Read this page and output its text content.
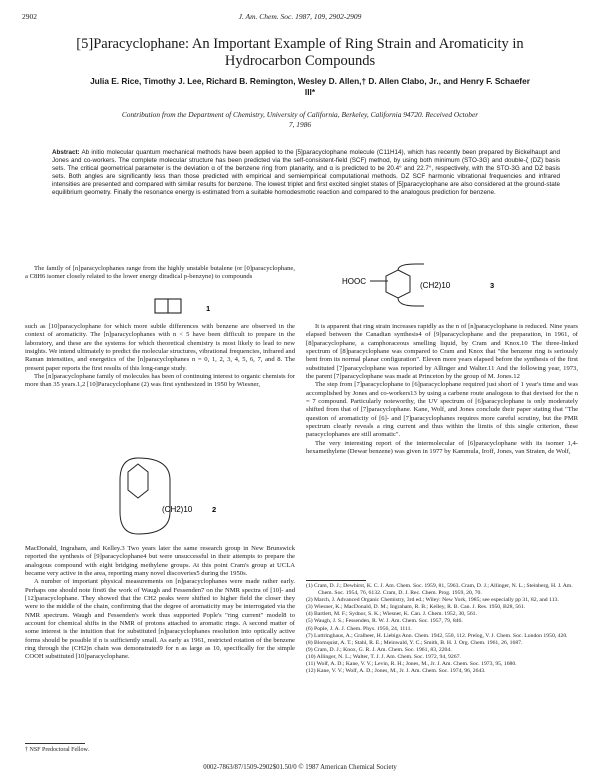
2902	J. Am. Chem. Soc. 1987, 109, 2902-2909
[5]Paracyclophane: An Important Example of Ring Strain and Aromaticity in Hydrocarbon Compounds
Julia E. Rice, Timothy J. Lee, Richard B. Remington, Wesley D. Allen,† D. Allen Clabo, Jr., and Henry F. Schaefer III*
Contribution from the Department of Chemistry, University of California, Berkeley, California 94720. Received October 7, 1986
Abstract: Ab initio molecular quantum mechanical methods have been applied to the [5]paracyclophane molecule (C11H14), which has recently been prepared by Bickelhaupt and Jones and co-workers. The complete molecular structure has been predicted via the self-consistent-field (SCF) method, by using both minimum (STO-3G) and double-ζ (DZ) basis sets. The critical geometrical parameter is the deviation α of the benzene ring from planarity, and α is predicted to be 20.4° and 22.7°, respectively, with the STO-3G and DZ basis sets. Both angles are significantly less than those predicted with empirical and semiempirical computational methods. DZ SCF harmonic vibrational frequencies and infrared intensities are presented and compared with similar results for benzene. The lowest triplet and first excited singlet states of [5]paracyclophane are also considered at the ground-state equilibrium geometry. Finally the resonance energy is estimated from a suitable homodesmotic reaction and compared to the analogous prediction for benzene.

The family of [n]paracyclophanes range from the highly unstable butalene (or [0]paracyclophane, a C8H6 isomer closely related to the lower energy diradical p-benzyne) to compounds

1

such as [10]paracyclophane for which more subtle differences with benzene are observed in the context of aromaticity. The [n]paracyclophanes with n < 5 have been difficult to prepare in the laboratory, and these are the systems for which theoretical chemistry is most likely to lead to new insights. We intend ultimately to predict the molecular structures, vibrational frequencies, infrared and Raman intensities, and energetics of the [n]paracyclophanes n = 0, 1, 2, 3, 4, 5, 6, 7, and 8. The present paper reports the first results of this long-range study.

The [n]paracyclophane family of molecules has been of continuing interest to organic chemists for more than 35 years.1,2 [10]Paracyclophane (2) was first synthesized in 1950 by Wiesner,

(CH2)10	2

MacDonald, Ingraham, and Kelley.3 Two years later the same research group in New Brunswick reported the synthesis of [9]paracyclophane4 but were unsuccessful in their attempts to prepare the analogous compound with eight bridging methylene groups. At this point Cram's group at UCLA became very active in the area, reporting many novel discoveries5 during the 1950s.

A number of important physical measurements on [n]paracyclophanes were made rather early. Perhaps one should note first6 the work of Waugh and Fessenden7 on the NMR spectra of [10]- and [12]paracyclophane. They showed that the CH2 peaks were shifted to higher field the closer they were to the middle of the chain, confirming that the degree of aromaticity may be interrogated via the NMR spectrum. Waugh and Fessenden's work thus supported Pople's "ring current" model8 to account for chemical shifts in the NMR of protons attached to aromatic rings. A second matter of some interest is the intuition that for substituted [n]paracyclophanes resolution into optically active forms should be possible if n is sufficiently small. As early as 1961, restricted rotation of the benzene ring through the (CH2)n chain was demonstrated9 for n as large as 10, specifically for the simple COOH substituted [10]paracyclophane.

† NSF Predoctoral Fellow.
HOOC	(CH2)10	3

It is apparent that ring strain increases rapidly as the n of [n]paracyclophane is reduced. Nine years elapsed between the Canadian synthesis4 of [9]paracyclophane and the preparation, in 1961, of [8]paracyclophane, a camphoraceous smelling liquid, by Cram and Knox.10 The three-linked spectrum of [8]paracyclophane was compared to Cram and Knox that "the benzene ring is seriously bent from its normal planar configuration". Eleven more years elapsed before the synthesis of the first substituted [7]paracyclophane was reported by Allinger and Walter.11 And the following year, 1973, the parent [7]paracyclophane was made at Princeton by the group of M. Jones.12

The step from [7]paracyclophane to [6]paracyclophane required just short of 1 year's time and was accomplished by Jones and co-workers13 by using a carbene route analogous to that devised for the n = 7 compound. Particularly noteworthy, the UV spectrum of [6]paracyclophane is only moderately shifted from that of [7]paracyclophane. Kane, Wolf, and Jones conclude their paper stating that "The question of aromaticity of [6]- and [7]paracyclophanes requires more careful scrutiny, but the PMR spectrum clearly reveals a ring current and thus within the limits of this single criterion, these paracyclophanes are still aromatic".

The very interesting report of the intermolecular of [6]paracyclophane with its isomer 1,4-hexamethylene (Dewar benzene) was given in 1977 by Kammula, Iroff, Jones, van Straten, de Wolf,

(1) Cram, D. J.; Dewhirst, K. C. J. Am. Chem. Soc. 1959, 81, 5963. Cram, D. J.; Allinger, N. L.; Steinberg, H. J. Am. Chem. Soc. 1954, 76, 6132. Cram, D. J. Rec. Chem. Prog. 1959, 20, 70.
(2) March, J. Advanced Organic Chemistry, 3rd ed.; Wiley: New York, 1985; see especially pp 31, 82, and 113.
(3) Wiesner, K.; MacDonald, D. M.; Ingraham, R. B.; Kelley, R. B. Can. J. Res. 1950, B28, 561.
(4) Bartlett, M. F.; Sydnor, S. K.; Wiesner, K. Can. J. Chem. 1952, 30, 561.
(5) Waugh, J. S.; Fessenden, R. W. J. Am. Chem. Soc. 1957, 79, 846.
(6) Pople, J. A. J. Chem. Phys. 1956, 24, 1111.
(7) Luttringhaus, A.; Gralheer, H. Liebigs Ann. Chem. 1942, 550, 112. Prelog, V. J. Chem. Soc. London 1950, 420.
(8) Blomquist, A. T.; Stahl, R. E.; Meinwald, Y. C.; Smith, B. H. J. Org. Chem. 1961, 26, 1687.
(9) Cram, D. J.; Knox, G. R. J. Am. Chem. Soc. 1961, 83, 2204.
(10) Allinger, N. L.; Walter, T. J. J. Am. Chem. Soc. 1972, 94, 9267.
(11) Wolf, A. D.; Kane, V. V.; Levin, R. H.; Jones, M., Jr. J. Am. Chem. Soc. 1973, 95, 1680.
(12) Kane, V. V.; Wolf, A. D.; Jones, M., Jr. J. Am. Chem. Soc. 1974, 96, 2643.
0002-7863/87/1509-2902$01.50/0 © 1987 American Chemical Society
